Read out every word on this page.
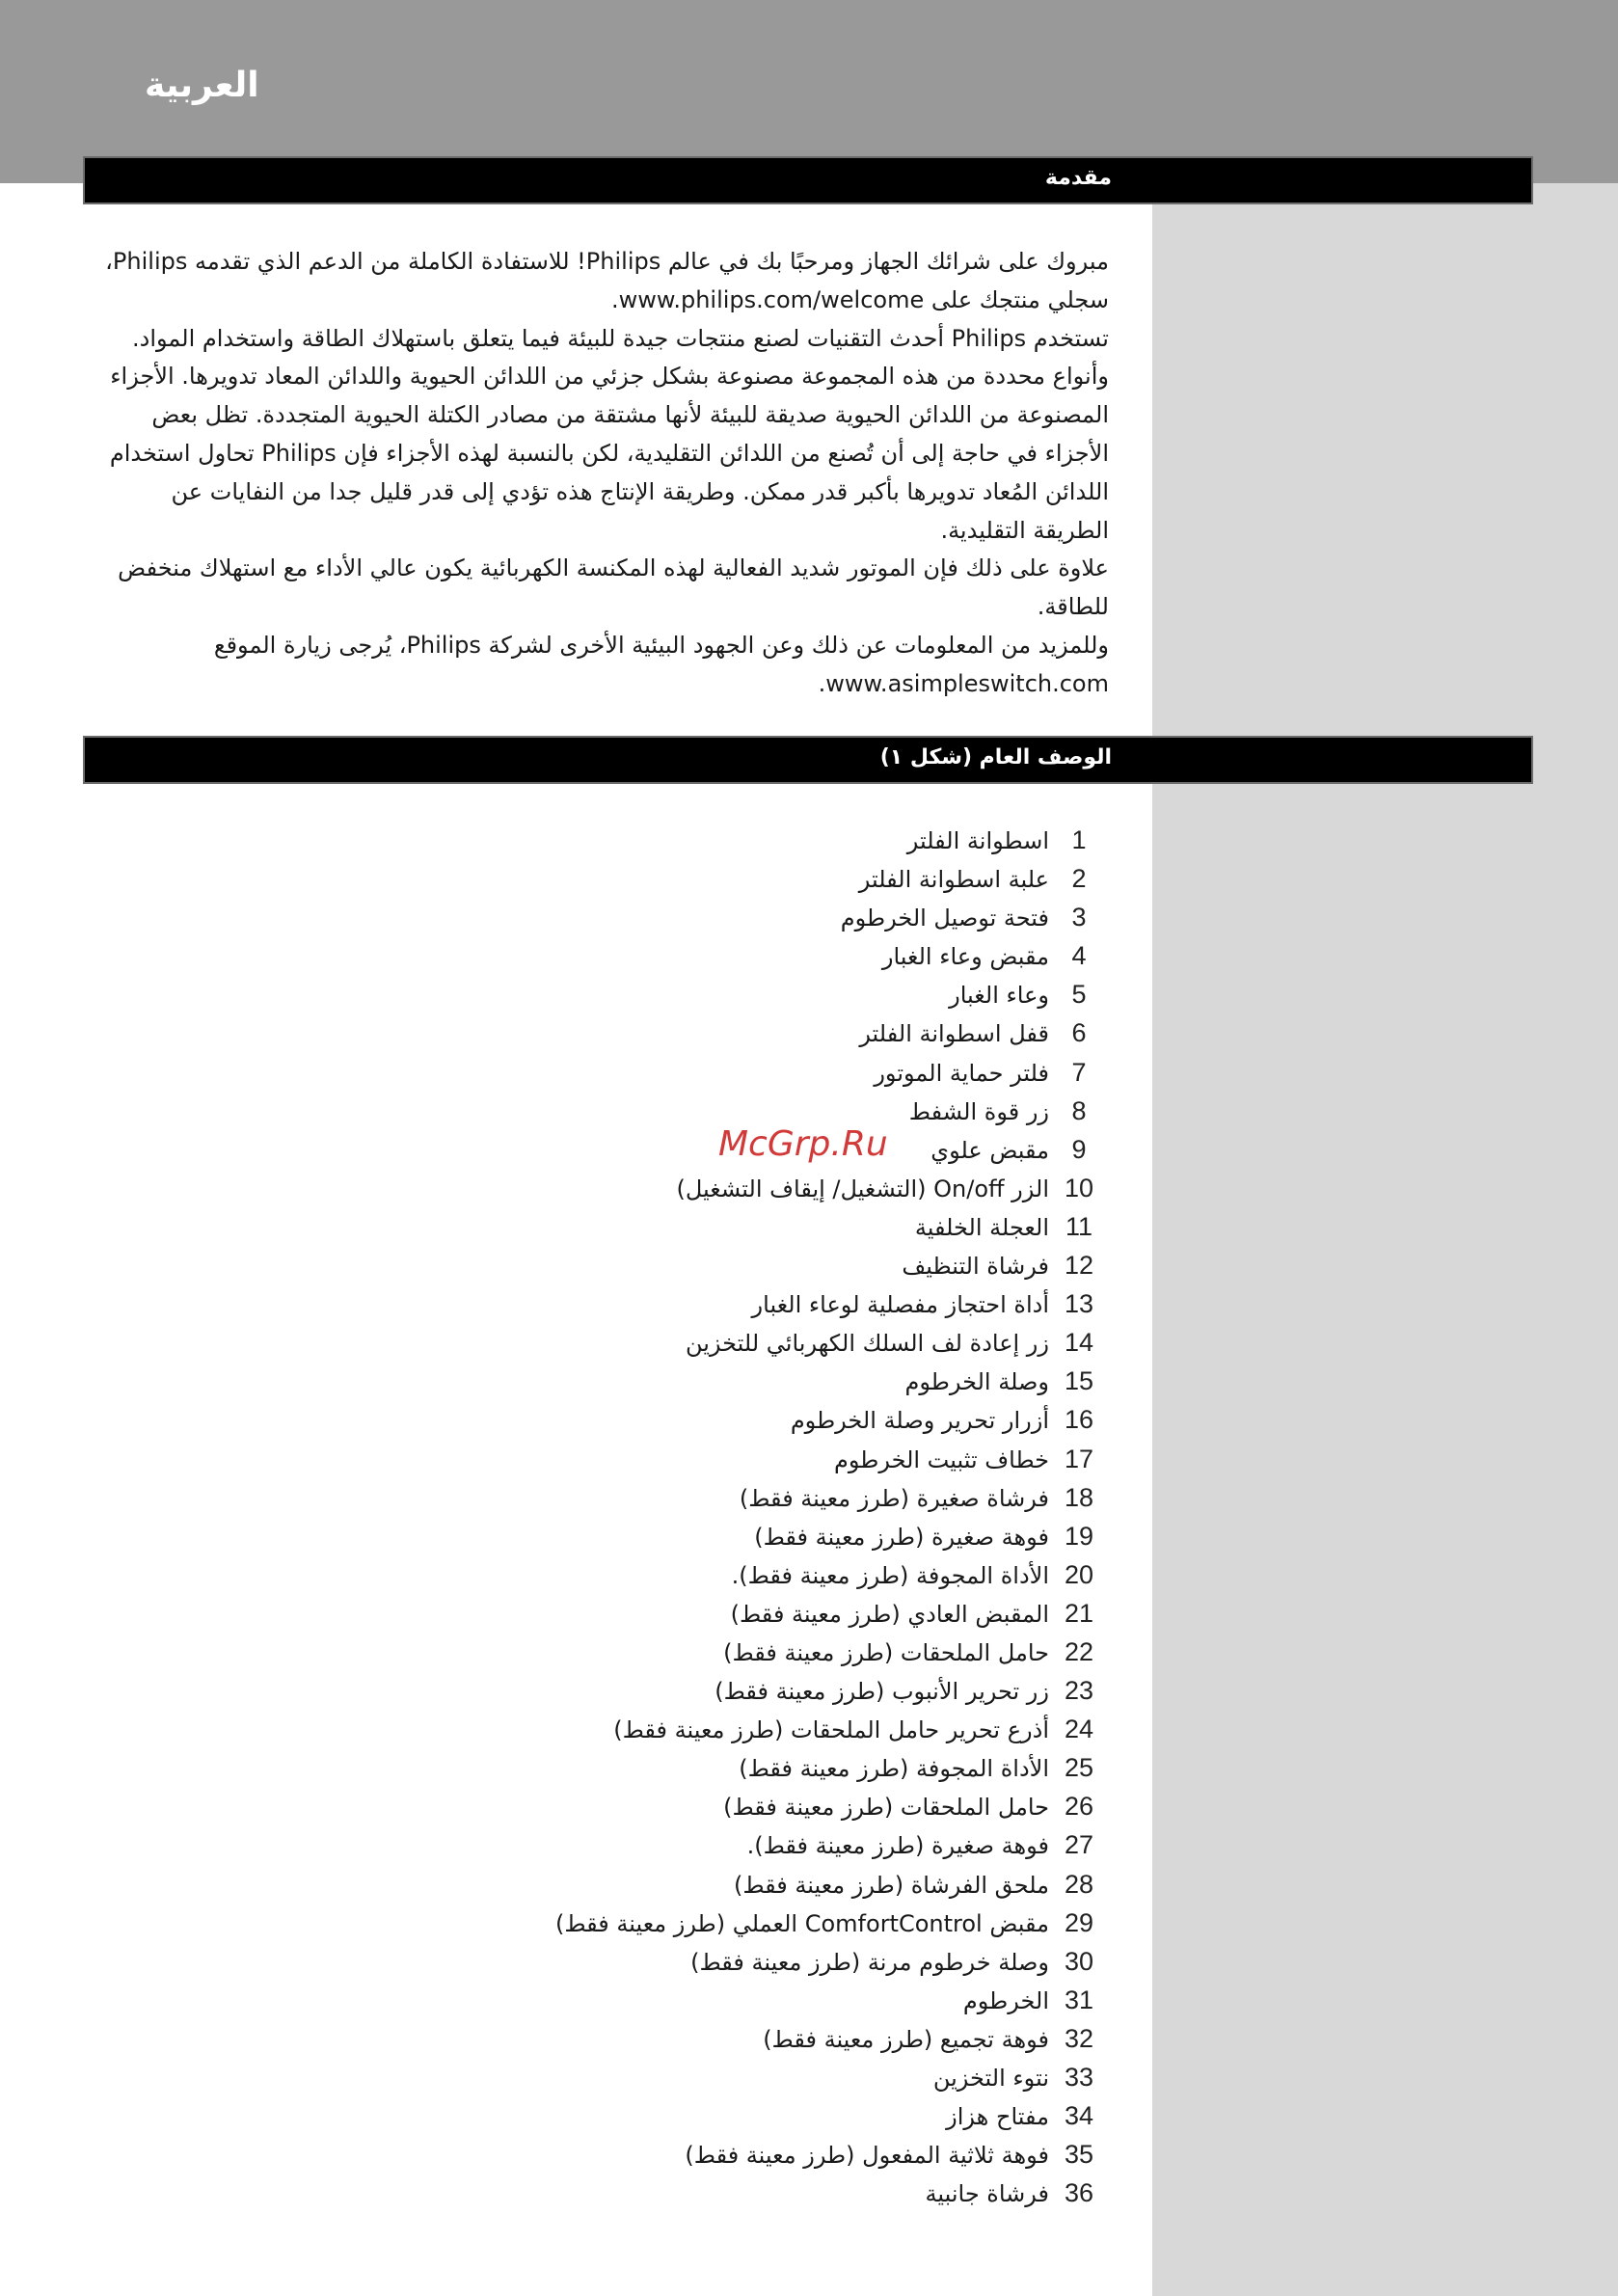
العربية
مقدمة

مبروك على شرائك الجهاز ومرحبًا بك في عالم Philips! للاستفادة الكاملة من الدعم الذي تقدمه Philips، سجلي منتجك على www.philips.com/welcome.

تستخدم Philips أحدث التقنيات لصنع منتجات جيدة للبيئة فيما يتعلق باستهلاك الطاقة واستخدام المواد. وأنواع محددة من هذه المجموعة مصنوعة بشكل جزئي من اللدائن الحيوية واللدائن المعاد تدويرها. الأجزاء المصنوعة من اللدائن الحيوية صديقة للبيئة لأنها مشتقة من مصادر الكتلة الحيوية المتجددة. تظل بعض الأجزاء في حاجة إلى أن تُصنع من اللدائن التقليدية، لكن بالنسبة لهذه الأجزاء فإن Philips تحاول استخدام اللدائن المُعاد تدويرها بأكبر قدر ممكن. وطريقة الإنتاج هذه تؤدي إلى قدر قليل جدا من النفايات عن الطريقة التقليدية.

علاوة على ذلك فإن الموتور شديد الفعالية لهذه المكنسة الكهربائية يكون عالي الأداء مع استهلاك منخفض للطاقة.

وللمزيد من المعلومات عن ذلك وعن الجهود البيئية الأخرى لشركة Philips، يُرجى زيارة الموقع www.asimpleswitch.com.

الوصف العام (شكل ١)
1اسطوانة الفلتر
2علبة اسطوانة الفلتر
3فتحة توصيل الخرطوم
4مقبض وعاء الغبار
5وعاء الغبار
6قفل اسطوانة الفلتر
7فلتر حماية الموتور
8زر قوة الشفط
9مقبض علوي
10الزر On/off (التشغيل/ إيقاف التشغيل)
11العجلة الخلفية
12فرشاة التنظيف
13أداة احتجاز مفصلية لوعاء الغبار
14زر إعادة لف السلك الكهربائي للتخزين
15وصلة الخرطوم
16أزرار تحرير وصلة الخرطوم
17خطاف تثبيت الخرطوم
18فرشاة صغيرة (طرز معينة فقط)
19فوهة صغيرة (طرز معينة فقط)
20الأداة المجوفة (طرز معينة فقط).
21المقبض العادي (طرز معينة فقط)
22حامل الملحقات (طرز معينة فقط)
23زر تحرير الأنبوب (طرز معينة فقط)
24أذرع تحرير حامل الملحقات (طرز معينة فقط)
25الأداة المجوفة (طرز معينة فقط)
26حامل الملحقات (طرز معينة فقط)
27فوهة صغيرة (طرز معينة فقط).
28ملحق الفرشاة (طرز معينة فقط)
29مقبض ComfortControl العملي (طرز معينة فقط)
30وصلة خرطوم مرنة (طرز معينة فقط)
31الخرطوم
32فوهة تجميع (طرز معينة فقط)
33نتوء التخزين
34مفتاح هزاز
35فوهة ثلاثية المفعول (طرز معينة فقط)
36فرشاة جانبية
McGrp.Ru
